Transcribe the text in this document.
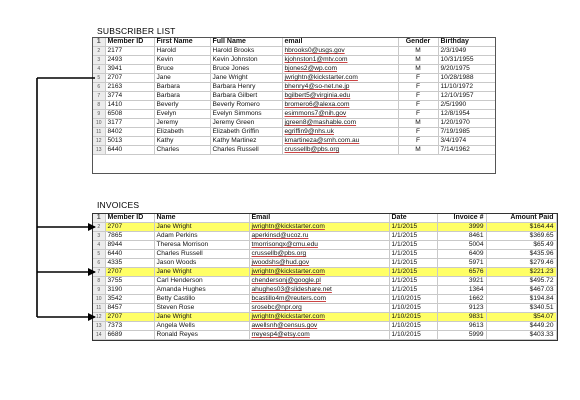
SUBSCRIBER LIST
1	Member ID	First Name	Full Name	email	Gender	Birthday
2	2177	Harold	Harold Brooks	hbrooks0@usgs.gov	M	2/3/1949
3	2493	Kevin	Kevin Johnston	kjohnston1@mtv.com	M	10/31/1955
4	3941	Bruce	Bruce Jones	bjones2@wp.com	M	9/20/1975
5	2707	Jane	Jane Wright	jwrightn@kickstarter.com	F	10/28/1988
6	2163	Barbara	Barbara Henry	bhenry4@so-net.ne.jp	F	11/10/1972
7	3774	Barbara	Barbara Gilbert	bgilbert5@virginia.edu	F	12/10/1957
8	1410	Beverly	Beverly Romero	bromero6@alexa.com	F	2/5/1990
9	6508	Evelyn	Evelyn Simmons	esimmons7@nih.gov	F	12/8/1954
10	3177	Jeremy	Jeremy Green	jgreen8@mashable.com	M	1/20/1970
11	8402	Elizabeth	Elizabeth Griffin	egriffin9@nhs.uk	F	7/19/1985
12	5013	Kathy	Kathy Martinez	kmartineza@smh.com.au	F	3/4/1974
13	6440	Charles	Charles Russell	crussellb@pbs.org	M	7/14/1962
INVOICES
1	Member ID	Name	Email	Date	Invoice #	Amount Paid
2	2707	Jane Wright	jwrightn@kickstarter.com	1/1/2015	3999	$164.44
3	7865	Adam Perkins	aperkinsd@ucoz.ru	1/1/2015	8461	$369.65
4	8944	Theresa Morrison	tmorrisonqx@cmu.edu	1/1/2015	5004	$65.49
5	6440	Charles Russell	crussellb@pbs.org	1/1/2015	6409	$435.96
6	4335	Jason Woods	jwoodshs@hud.gov	1/1/2015	5971	$279.46
7	2707	Jane Wright	jwrightn@kickstarter.com	1/1/2015	6576	$221.23
8	3755	Carl Henderson	chendersonj@google.pl	1/1/2015	3921	$495.72
9	3190	Amanda Hughes	ahughes03@slideshare.net	1/1/2015	1364	$467.03
10	3542	Betty Castillo	bcastillo4m@reuters.com	1/10/2015	1662	$194.84
11	8457	Steven Rose	srosebc@npr.org	1/10/2015	9123	$340.51
12	2707	Jane Wright	jwrightn@kickstarter.com	1/10/2015	9831	$54.07
13	7373	Angela Wells	awellsnh@census.gov	1/10/2015	9613	$449.20
14	6689	Ronald Reyes	rreyesp4@etsy.com	1/10/2015	5999	$403.33
